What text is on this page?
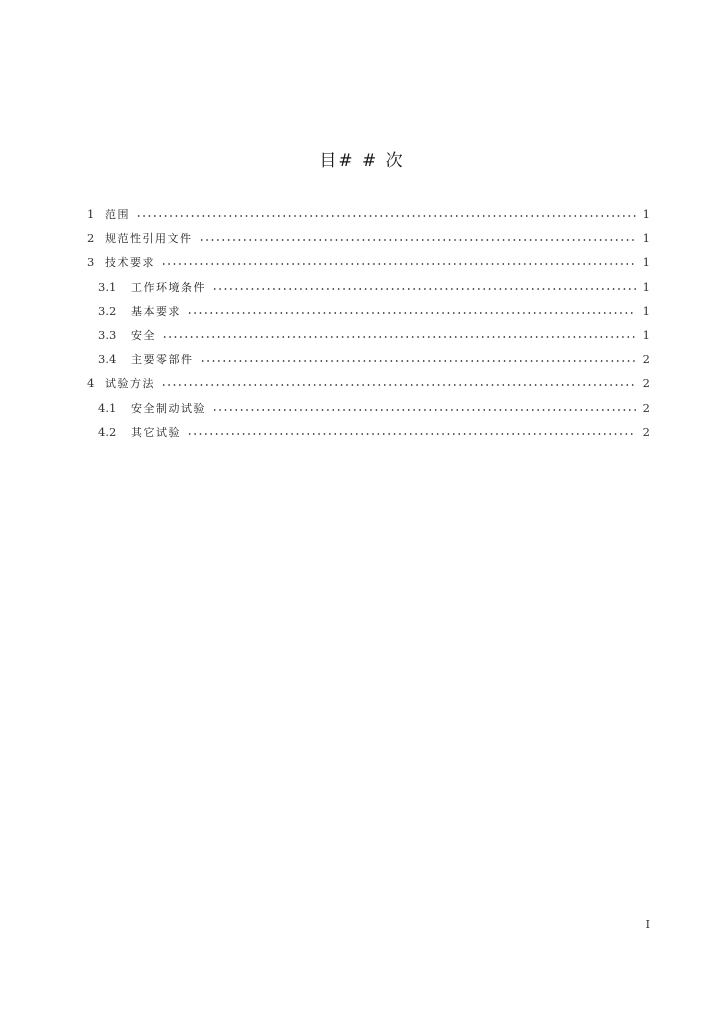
目# # 次
1 范围	1
2 规范性引用文件	1
3 技术要求	1
3.1	工作环境条件	1
3.2	基本要求	1
3.3	安全	1
3.4	主要零部件	2
4 试验方法	2
4.1	安全制动试验	2
4.2	其它试验	2
I
